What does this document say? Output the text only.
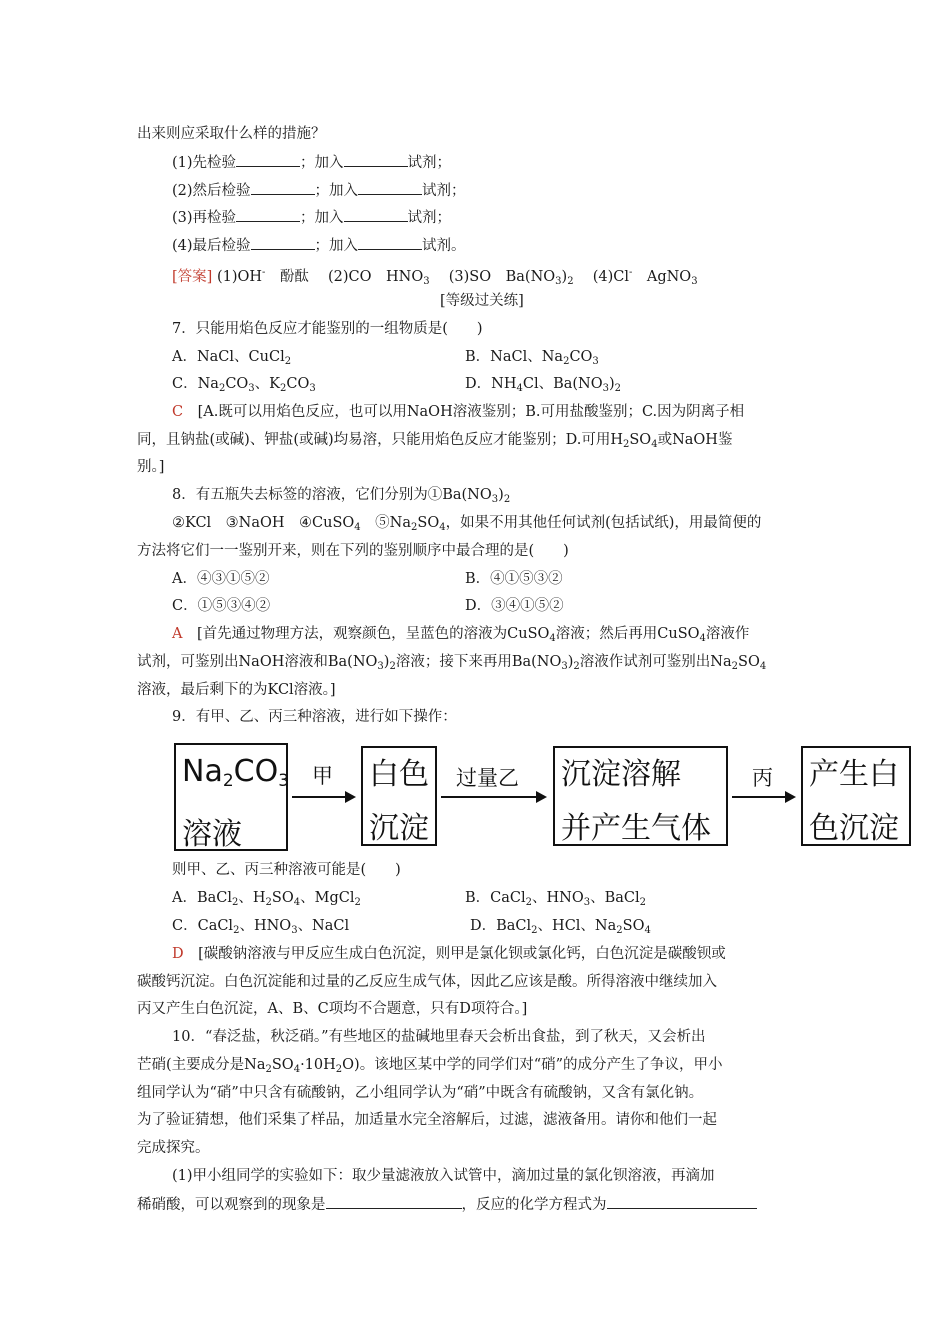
出来则应采取什么样的措施？
(1)先检验	；加入	试剂；
(2)然后检验	；加入	试剂；
(3)再检验	；加入	试剂；
(4)最后检验	；加入	试剂。
[答案] (1)OH-　酚酞　 (2)CO　$HNO_3$　 (3)SO　$Ba(NO_3)_2$　 (4)Cl-　AgNO$_3$
[等级过关练]
7．只能用焰色反应才能鉴别的一组物质是(　　)
A．NaCl、CuCl$_2$	B．NaCl、$Na_2CO_3$
C．$Na_2CO_3$、$K_2CO_3$	D．$NH_4Cl$、$Ba(NO_3)_2$
C　 [A.既可以用焰色反应，也可以用NaOH溶液鉴别；B.可用盐酸鉴别；C.因为阴离子相
同，且钠盐(或碱)、钾盐(或碱)均易溶，只能用焰色反应才能鉴别；D.可用$H_2SO_4$或NaOH鉴
别。]
8．有五瓶失去标签的溶液，它们分别为$①Ba(NO_3)_2$
②KCl　③NaOH　④CuSO$_4$　$⑤Na_2SO_4$，如果不用其他任何试剂(包括试纸)，用最简便的
方法将它们一一鉴别开来，则在下列的鉴别顺序中最合理的是(　　)
A．④③①⑤②	B．④①⑤③②
C．①⑤③④②	D．③④①⑤②
A　 [首先通过物理方法，观察颜色，呈蓝色的溶液为CuSO$_4$溶液；然后再用CuSO$_4$溶液作
试剂，可鉴别出NaOH溶液和$Ba(NO_3)_2$溶液；接下来再用$Ba(NO_3)_2$溶液作试剂可鉴别出$Na_2SO_4$
溶液，最后剩下的为KCl溶液。]
9．有甲、乙、丙三种溶液，进行如下操作：
Na2CO3
溶液
甲 白色
沉淀
过量乙 沉淀溶解
并产生气体
丙 产生白
色沉淀
则甲、乙、丙三种溶液可能是(　　)
A．BaCl$_2$、$H_2SO_4$、MgCl$_2$	B．CaCl$_2$、$HNO_3$、BaCl$_2$
C．CaCl$_2$、$HNO_3$、NaCl	D．BaCl$_2$、HCl、$Na_2SO_4$
D　 [碳酸钠溶液与甲反应生成白色沉淀，则甲是氯化钡或氯化钙，白色沉淀是碳酸钡或
碳酸钙沉淀。白色沉淀能和过量的乙反应生成气体，因此乙应该是酸。所得溶液中继续加入
丙又产生白色沉淀，A、B、C项均不合题意，只有D项符合。]
10．“春泛盐，秋泛硝。”有些地区的盐碱地里春天会析出食盐，到了秋天，又会析出
芒硝(主要成分是$Na_2SO_4\cdot 10H_2O$)。该地区某中学的同学们对“硝”的成分产生了争议，甲小
组同学认为“硝”中只含有硫酸钠，乙小组同学认为“硝”中既含有硫酸钠，又含有氯化钠。
为了验证猜想，他们采集了样品，加适量水完全溶解后，过滤，滤液备用。请你和他们一起
完成探究。
(1)甲小组同学的实验如下：取少量滤液放入试管中，滴加过量的氯化钡溶液，再滴加
稀硝酸，可以观察到的现象是	，反应的化学方程式为
